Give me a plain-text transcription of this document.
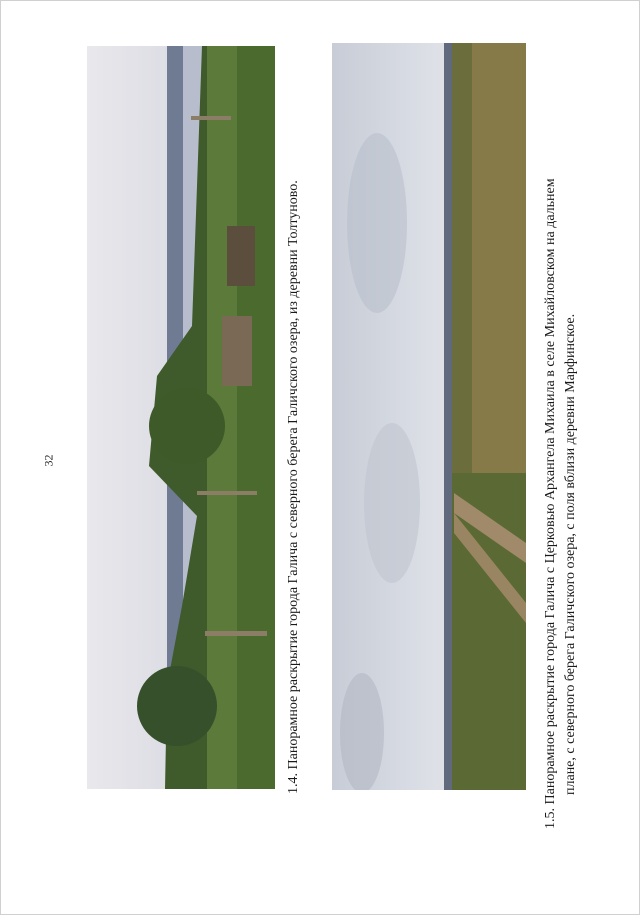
32	1.4. Панорамное раскрытие города Галича с северного берега Галичского озера, из деревни Толтуново.	1.5. Панорамное раскрытие города Галича с Церковью Архангела Михаила в селе Михайловском на дальнем плане, с северного берега Галичского озера, с поля вблизи деревни Марфинское.
